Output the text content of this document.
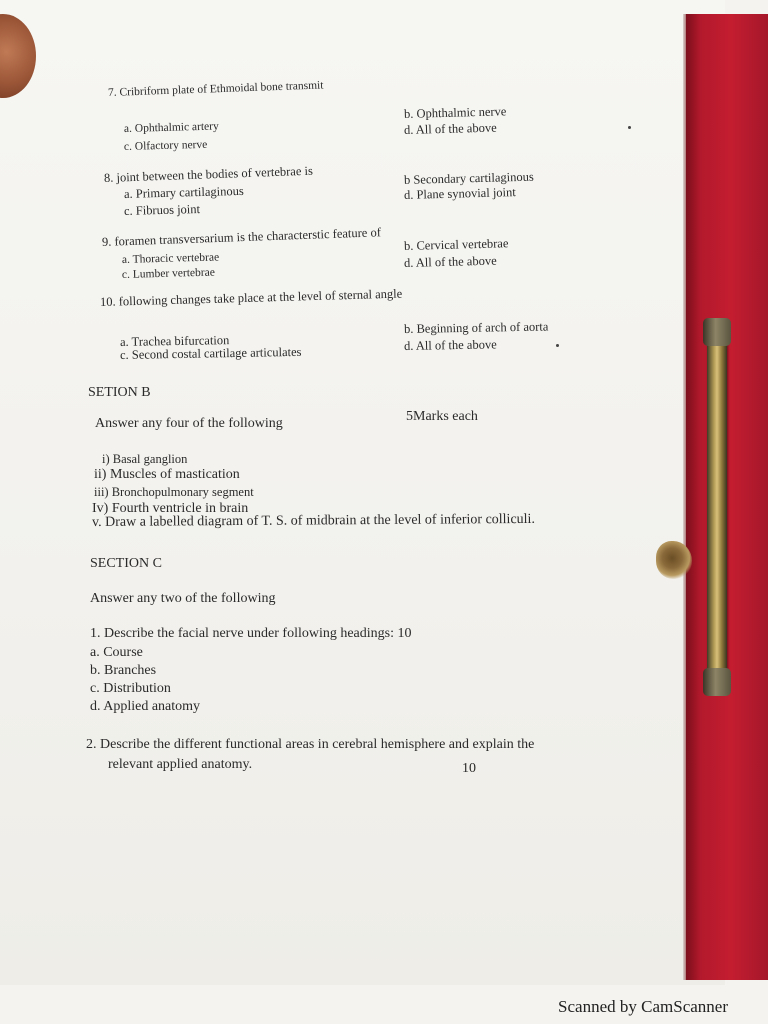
7. Cribriform plate of Ethmoidal bone transmit
a. Ophthalmic artery
b. Ophthalmic nerve
c. Olfactory nerve
d. All of the above
8. joint between the bodies of vertebrae is
a. Primary cartilaginous
b Secondary cartilaginous
c. Fibruos joint
d. Plane synovial joint
9. foramen transversarium is the characterstic feature of
a. Thoracic vertebrae
b. Cervical vertebrae
c. Lumber vertebrae
d. All of the above
10. following changes take place at the level of sternal angle
a. Trachea bifurcation
b. Beginning of arch of aorta
c. Second costal cartilage articulates	d. All of the above
SETION B
Answer any four of the following	5Marks each
i) Basal ganglion
ii) Muscles of mastication
iii) Bronchopulmonary segment
Iv) Fourth ventricle in brain
v. Draw a labelled diagram of T. S. of midbrain at the level of inferior colliculi.
SECTION C
Answer any two of the following
1. Describe the facial nerve under following headings: 10
a. Course
b. Branches
c. Distribution
d. Applied anatomy
2. Describe the different functional areas in cerebral hemisphere and explain the
relevant applied anatomy.	10
Scanned by CamScanner
